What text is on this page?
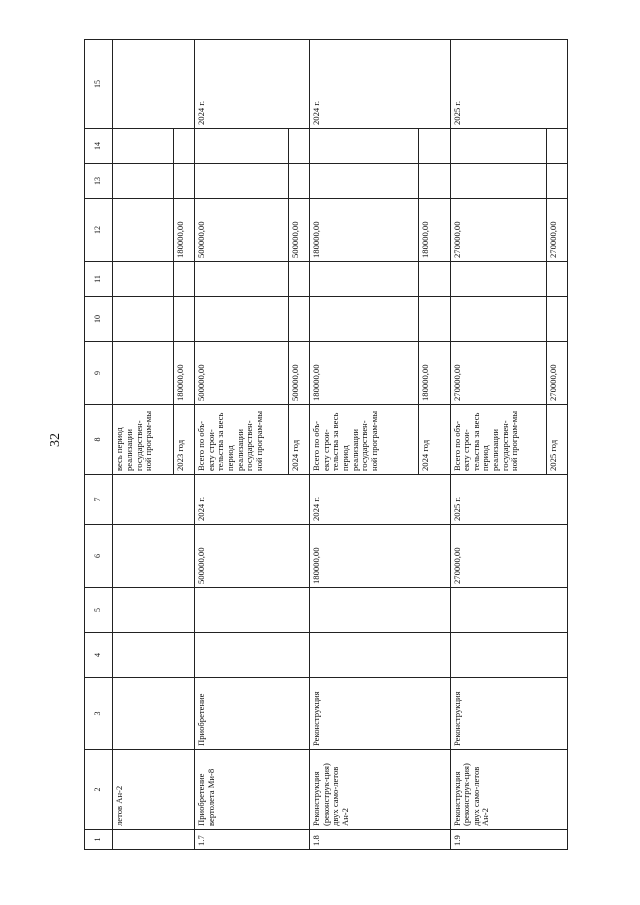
32
1	2	3	4	5	6	7	8	9	10	11	12	13	14	15
	летов Ан-2						весь период реализации государствен-ной програм-мы							
							2023 год	180000,00			180000,00			
1.7	Приобретение вертолета Ми-8	Приобретение			500000,00	2024 г.	Всего по объ-екту строи-тельства за весь период реализации государствен-ной програм-мы	500000,00			500000,00			2024 г.
							2024 год	500000,00			500000,00			
1.8	Реконструкция (реконструк-ция) двух само-летов Ан-2	Реконструкция			180000,00	2024 г.	Всего по объ-екту строи-тельства за весь период реализации государствен-ной програм-мы	180000,00			180000,00			2024 г.
							2024 год	180000,00			180000,00			
1.9	Реконструкция (реконструк-ция) двух само-летов Ан-2	Реконструкция			270000,00	2025 г.	Всего по объ-екту строи-тельства за весь период реализации государствен-ной програм-мы	270000,00			270000,00			2025 г.
							2025 год	270000,00			270000,00			
